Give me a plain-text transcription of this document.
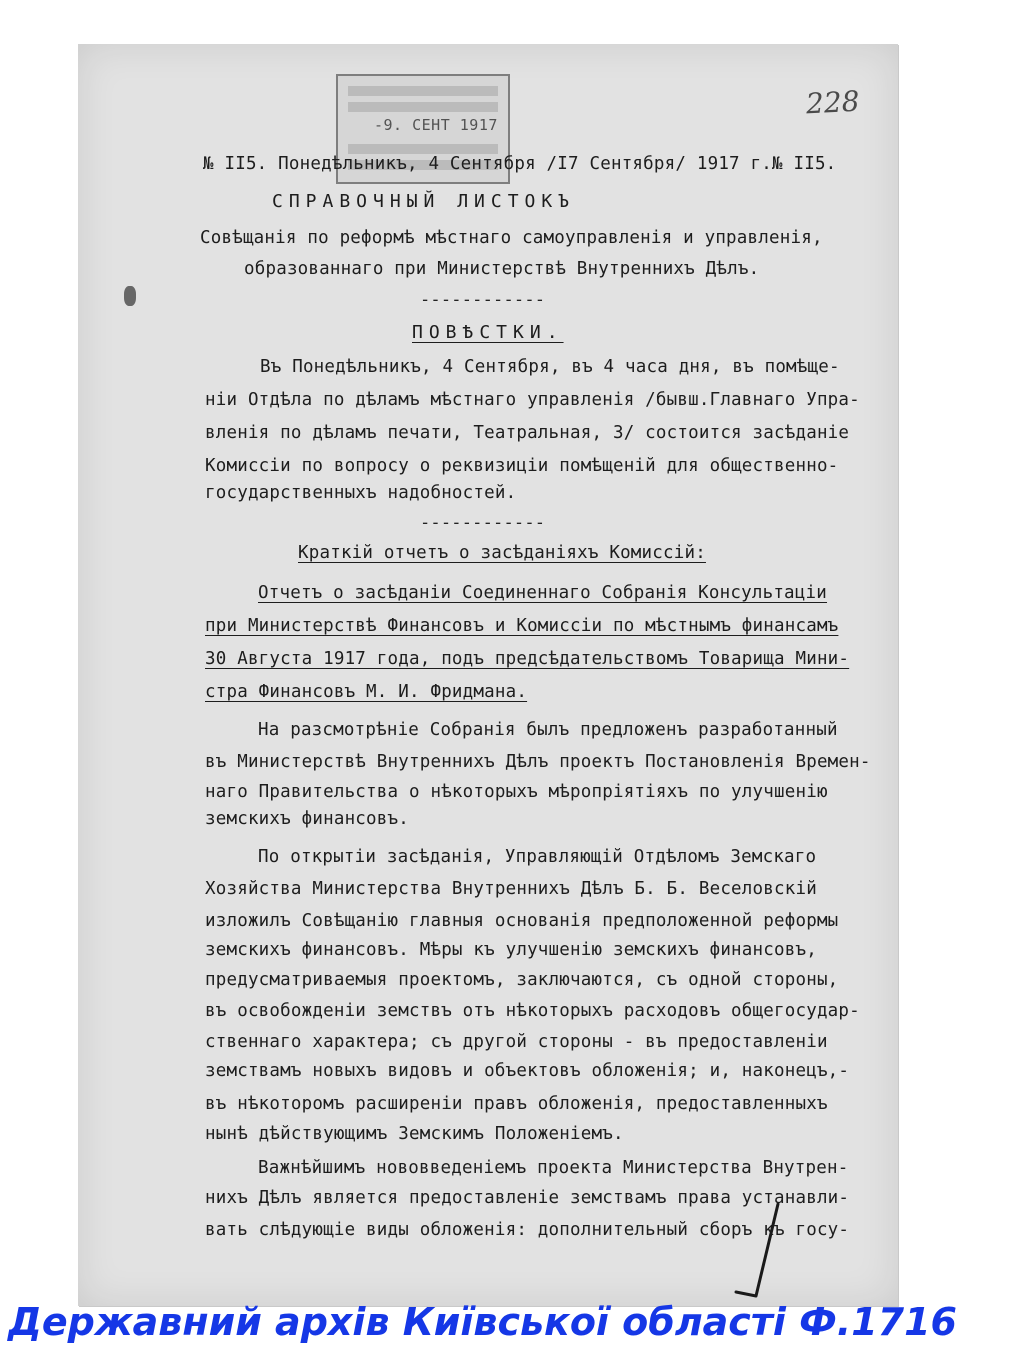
-9. СЕНТ 1917
228
№ II5. Понедѣльникъ, 4 Сентября /I7 Сентября/ 1917 г.№ II5.
СПРАВОЧНЫЙ ЛИСТОКЪ
Совѣщанія по реформѣ мѣстнаго самоуправленія и управленія,
образованнаго при Министерствѣ Внутреннихъ Дѣлъ.
------------
ПОВѢСТКИ.
Въ Понедѣльникъ, 4 Сентября, въ 4 часа дня, въ помѣще-
ніи Отдѣла по дѣламъ мѣстнаго управленія /бывш.Главнаго Упра-
вленія по дѣламъ печати, Театральная, 3/ состоится засѣданіе
Комиссіи по вопросу о реквизиціи помѣщеній для общественно-
государственныхъ надобностей.
------------
Краткій отчетъ о засѣданіяхъ Комиссій:
Отчетъ о засѣданіи Соединеннаго Собранія Консультаціи
при Министерствѣ Финансовъ и Комиссіи по мѣстнымъ финансамъ
30 Августа 1917 года, подъ предсѣдательствомъ Товарища Мини-
стра Финансовъ М. И. Фридмана.
На разсмотрѣніе Собранія былъ предложенъ разработанный
въ Министерствѣ Внутреннихъ Дѣлъ проектъ Постановленія Времен-
наго Правительства о нѣкоторыхъ мѣропріятіяхъ по улучшенію
земскихъ финансовъ.
По открытіи засѣданія, Управляющій Отдѣломъ Земскаго
Хозяйства Министерства Внутреннихъ Дѣлъ Б. Б. Веселовскій
изложилъ Совѣщанію главныя основанія предположенной реформы
земскихъ финансовъ. Мѣры къ улучшенію земскихъ финансовъ,
предусматриваемыя проектомъ, заключаются, съ одной стороны,
въ освобожденіи земствъ отъ нѣкоторыхъ расходовъ общегосудар-
ственнаго характера; съ другой стороны - въ предоставленіи
земствамъ новыхъ видовъ и объектовъ обложенія; и, наконецъ,-
въ нѣкоторомъ расширеніи правъ обложенія, предоставленныхъ
нынѣ дѣйствующимъ Земскимъ Положеніемъ.
Важнѣйшимъ нововведеніемъ проекта Министерства Внутрен-
нихъ Дѣлъ является предоставленіе земствамъ права устанавли-
вать слѣдующіе виды обложенія: дополнительный сборъ къ госу-
Державний архів Київської області Ф.1716
